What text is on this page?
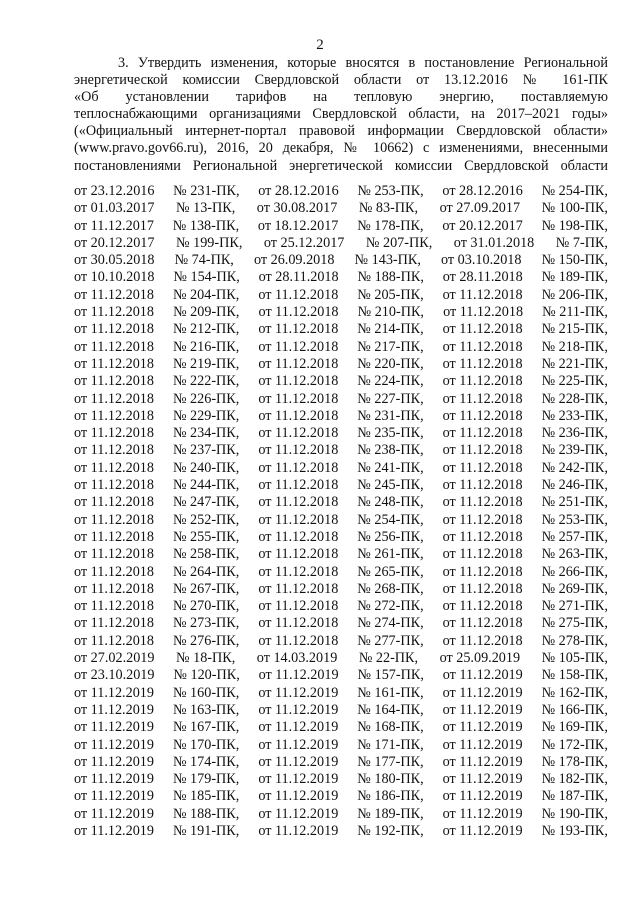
2
3. Утвердить изменения, которые вносятся в постановление Региональной
энергетической комиссии Свердловской области от 13.12.2016 № 161-ПК
«Об установлении тарифов на тепловую энергию, поставляемую
теплоснабжающими организациями Свердловской области, на 2017–2021 годы»
(«Официальный интернет-портал правовой информации Свердловской области»
(www.pravo.gov66.ru), 2016, 20 декабря, № 10662) с изменениями, внесенными
постановлениями Региональной энергетической комиссии Свердловской области
от 23.12.2016 № 231-ПК, от 28.12.2016 № 253-ПК, от 28.12.2016 № 254-ПК,
от 01.03.2017 № 13-ПК, от 30.08.2017 № 83-ПК, от 27.09.2017 № 100-ПК,
от 11.12.2017 № 138-ПК, от 18.12.2017 № 178-ПК, от 20.12.2017 № 198-ПК,
от 20.12.2017 № 199-ПК, от 25.12.2017 № 207-ПК, от 31.01.2018 № 7-ПК,
от 30.05.2018 № 74-ПК, от 26.09.2018 № 143-ПК, от 03.10.2018 № 150-ПК,
от 10.10.2018 № 154-ПК, от 28.11.2018 № 188-ПК, от 28.11.2018 № 189-ПК,
от 11.12.2018 № 204-ПК, от 11.12.2018 № 205-ПК, от 11.12.2018 № 206-ПК,
от 11.12.2018 № 209-ПК, от 11.12.2018 № 210-ПК, от 11.12.2018 № 211-ПК,
от 11.12.2018 № 212-ПК, от 11.12.2018 № 214-ПК, от 11.12.2018 № 215-ПК,
от 11.12.2018 № 216-ПК, от 11.12.2018 № 217-ПК, от 11.12.2018 № 218-ПК,
от 11.12.2018 № 219-ПК, от 11.12.2018 № 220-ПК, от 11.12.2018 № 221-ПК,
от 11.12.2018 № 222-ПК, от 11.12.2018 № 224-ПК, от 11.12.2018 № 225-ПК,
от 11.12.2018 № 226-ПК, от 11.12.2018 № 227-ПК, от 11.12.2018 № 228-ПК,
от 11.12.2018 № 229-ПК, от 11.12.2018 № 231-ПК, от 11.12.2018 № 233-ПК,
от 11.12.2018 № 234-ПК, от 11.12.2018 № 235-ПК, от 11.12.2018 № 236-ПК,
от 11.12.2018 № 237-ПК, от 11.12.2018 № 238-ПК, от 11.12.2018 № 239-ПК,
от 11.12.2018 № 240-ПК, от 11.12.2018 № 241-ПК, от 11.12.2018 № 242-ПК,
от 11.12.2018 № 244-ПК, от 11.12.2018 № 245-ПК, от 11.12.2018 № 246-ПК,
от 11.12.2018 № 247-ПК, от 11.12.2018 № 248-ПК, от 11.12.2018 № 251-ПК,
от 11.12.2018 № 252-ПК, от 11.12.2018 № 254-ПК, от 11.12.2018 № 253-ПК,
от 11.12.2018 № 255-ПК, от 11.12.2018 № 256-ПК, от 11.12.2018 № 257-ПК,
от 11.12.2018 № 258-ПК, от 11.12.2018 № 261-ПК, от 11.12.2018 № 263-ПК,
от 11.12.2018 № 264-ПК, от 11.12.2018 № 265-ПК, от 11.12.2018 № 266-ПК,
от 11.12.2018 № 267-ПК, от 11.12.2018 № 268-ПК, от 11.12.2018 № 269-ПК,
от 11.12.2018 № 270-ПК, от 11.12.2018 № 272-ПК, от 11.12.2018 № 271-ПК,
от 11.12.2018 № 273-ПК, от 11.12.2018 № 274-ПК, от 11.12.2018 № 275-ПК,
от 11.12.2018 № 276-ПК, от 11.12.2018 № 277-ПК, от 11.12.2018 № 278-ПК,
от 27.02.2019 № 18-ПК, от 14.03.2019 № 22-ПК, от 25.09.2019 № 105-ПК,
от 23.10.2019 № 120-ПК, от 11.12.2019 № 157-ПК, от 11.12.2019 № 158-ПК,
от 11.12.2019 № 160-ПК, от 11.12.2019 № 161-ПК, от 11.12.2019 № 162-ПК,
от 11.12.2019 № 163-ПК, от 11.12.2019 № 164-ПК, от 11.12.2019 № 166-ПК,
от 11.12.2019 № 167-ПК, от 11.12.2019 № 168-ПК, от 11.12.2019 № 169-ПК,
от 11.12.2019 № 170-ПК, от 11.12.2019 № 171-ПК, от 11.12.2019 № 172-ПК,
от 11.12.2019 № 174-ПК, от 11.12.2019 № 177-ПК, от 11.12.2019 № 178-ПК,
от 11.12.2019 № 179-ПК, от 11.12.2019 № 180-ПК, от 11.12.2019 № 182-ПК,
от 11.12.2019 № 185-ПК, от 11.12.2019 № 186-ПК, от 11.12.2019 № 187-ПК,
от 11.12.2019 № 188-ПК, от 11.12.2019 № 189-ПК, от 11.12.2019 № 190-ПК,
от 11.12.2019 № 191-ПК, от 11.12.2019 № 192-ПК, от 11.12.2019 № 193-ПК,
